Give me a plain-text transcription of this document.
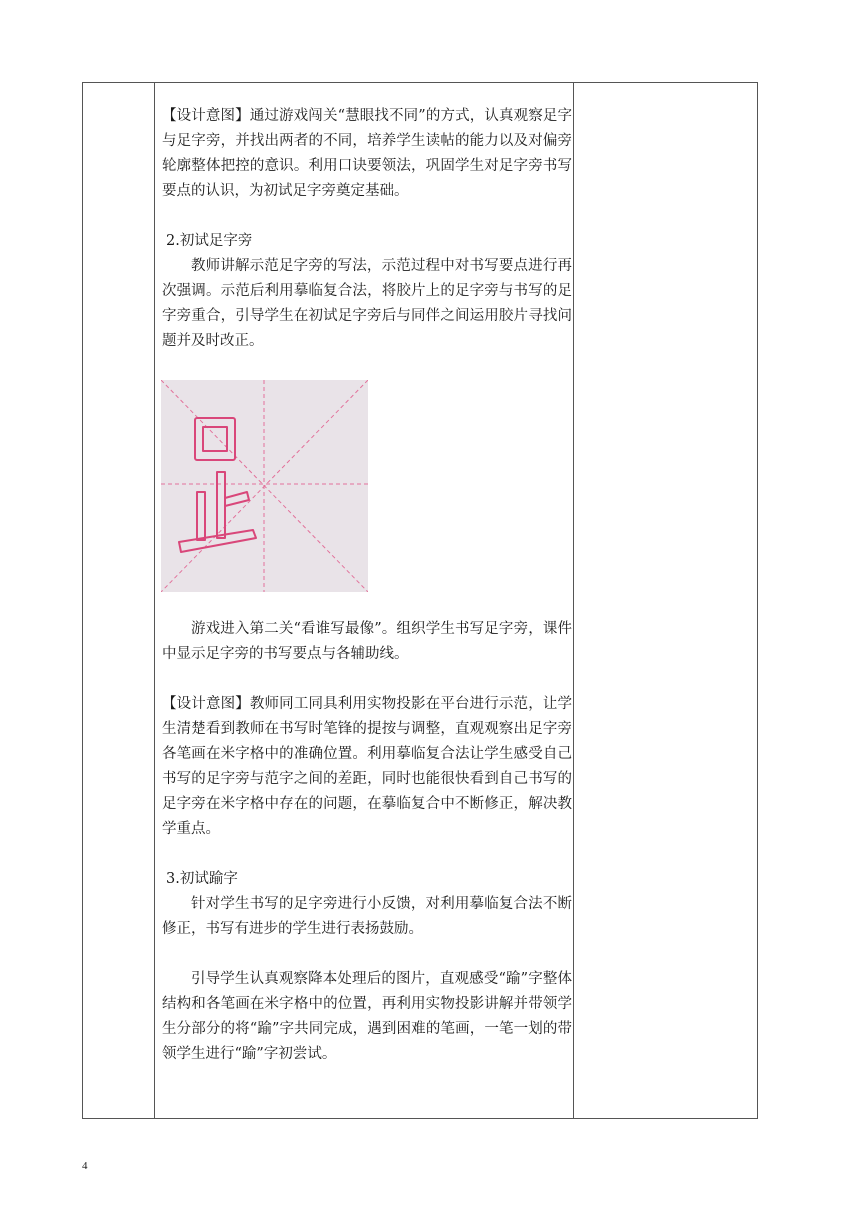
【设计意图】通过游戏闯关“慧眼找不同”的方式，认真观察足字与足字旁，并找出两者的不同，培养学生读帖的能力以及对偏旁轮廓整体把控的意识。利用口诀要领法，巩固学生对足字旁书写要点的认识，为初试足字旁奠定基础。

2.初试足字旁

教师讲解示范足字旁的写法，示范过程中对书写要点进行再次强调。示范后利用摹临复合法，将胶片上的足字旁与书写的足字旁重合，引导学生在初试足字旁后与同伴之间运用胶片寻找问题并及时改正。

游戏进入第二关“看谁写最像”。组织学生书写足字旁，课件中显示足字旁的书写要点与各辅助线。

【设计意图】教师同工同具利用实物投影在平台进行示范，让学生清楚看到教师在书写时笔锋的提按与调整，直观观察出足字旁各笔画在米字格中的准确位置。利用摹临复合法让学生感受自己书写的足字旁与范字之间的差距，同时也能很快看到自己书写的足字旁在米字格中存在的问题，在摹临复合中不断修正，解决教学重点。

3.初试踰字

针对学生书写的足字旁进行小反馈，对利用摹临复合法不断修正，书写有进步的学生进行表扬鼓励。

引导学生认真观察降本处理后的图片，直观感受“踰”字整体结构和各笔画在米字格中的位置，再利用实物投影讲解并带领学生分部分的将“踰”字共同完成，遇到困难的笔画，一笔一划的带领学生进行“踰”字初尝试。

4
